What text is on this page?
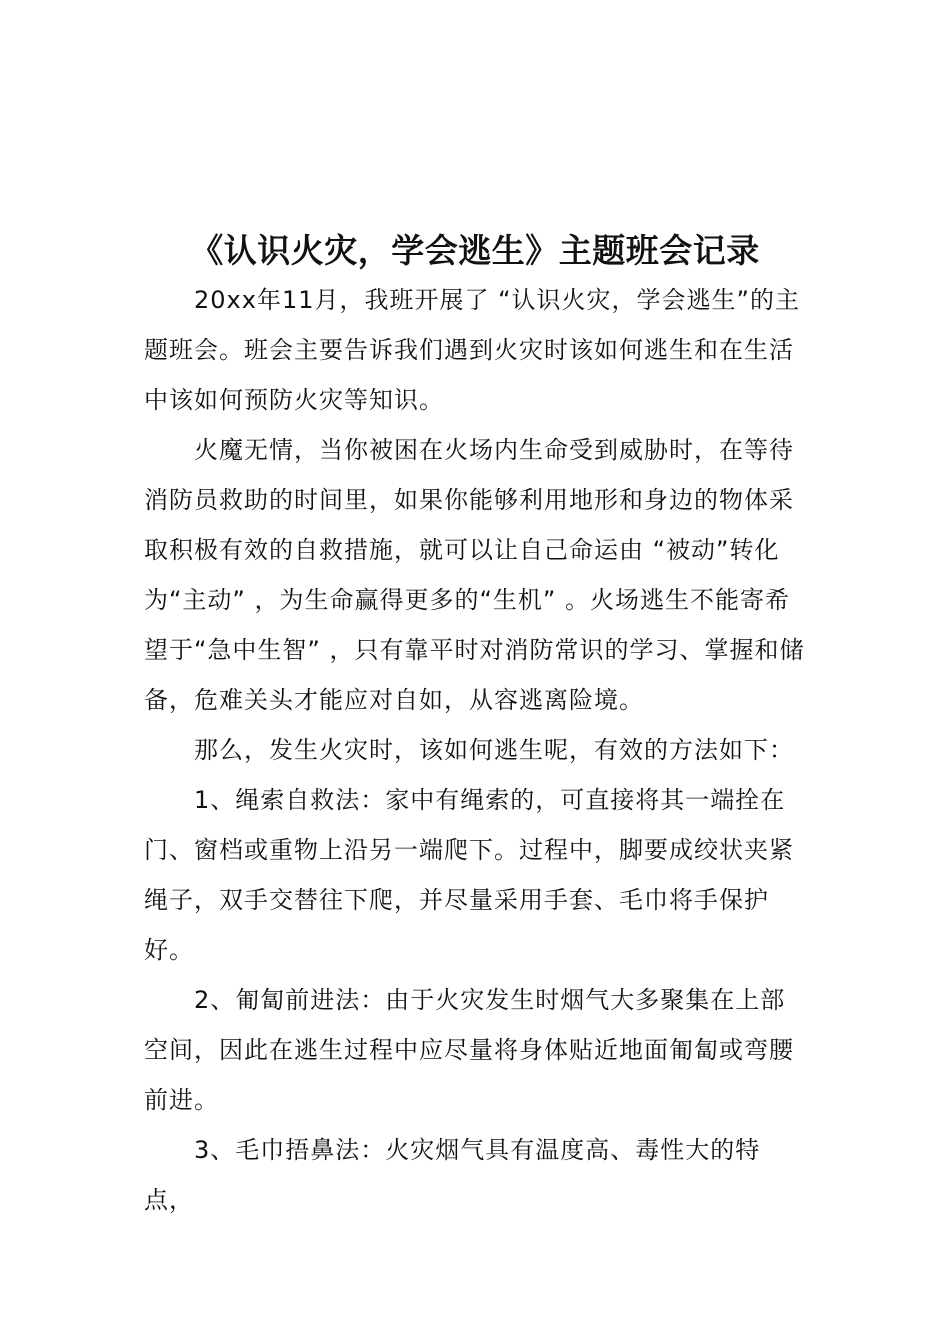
《认识火灾，学会逃生》主题班会记录

20xx年11月，我班开展了 “认识火灾，学会逃生”的主题班会。班会主要告诉我们遇到火灾时该如何逃生和在生活中该如何预防火灾等知识。

火魔无情，当你被困在火场内生命受到威胁时，在等待消防员救助的时间里，如果你能够利用地形和身边的物体采取积极有效的自救措施，就可以让自己命运由 “被动”转化为“主动” ，为生命赢得更多的“生机” 。火场逃生不能寄希望于“急中生智” ，只有靠平时对消防常识的学习、掌握和储备，危难关头才能应对自如，从容逃离险境。

那么，发生火灾时，该如何逃生呢，有效的方法如下：

1、绳索自救法：家中有绳索的，可直接将其一端拴在门、窗档或重物上沿另一端爬下。过程中，脚要成绞状夹紧绳子，双手交替往下爬，并尽量采用手套、毛巾将手保护好。

2、匍匐前进法：由于火灾发生时烟气大多聚集在上部空间，因此在逃生过程中应尽量将身体贴近地面匍匐或弯腰前进。

3、毛巾捂鼻法：火灾烟气具有温度高、毒性大的特点，
